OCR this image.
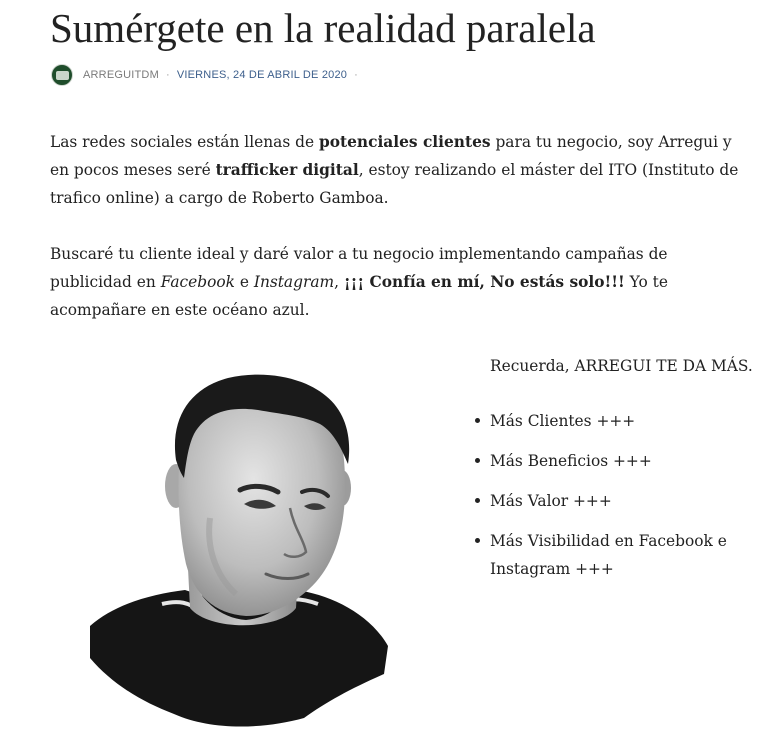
Sumérgete en la realidad paralela
ARREGUITDM · VIERNES, 24 DE ABRIL DE 2020 ·

Las redes sociales están llenas de potenciales clientes para tu negocio, soy Arregui y en pocos meses seré trafficker digital, estoy realizando el máster del ITO (Instituto de trafico online) a cargo de Roberto Gamboa.

Buscaré tu cliente ideal y daré valor a tu negocio implementando campañas de publicidad en Facebook e Instagram, ¡¡¡ Confía en mí, No estás solo!!! Yo te acompañare en este océano azul.

Recuerda, ARREGUI TE DA MÁS.

Más Clientes +++
Más Beneficios +++
Más Valor +++
Más Visibilidad en Facebook e Instagram +++
